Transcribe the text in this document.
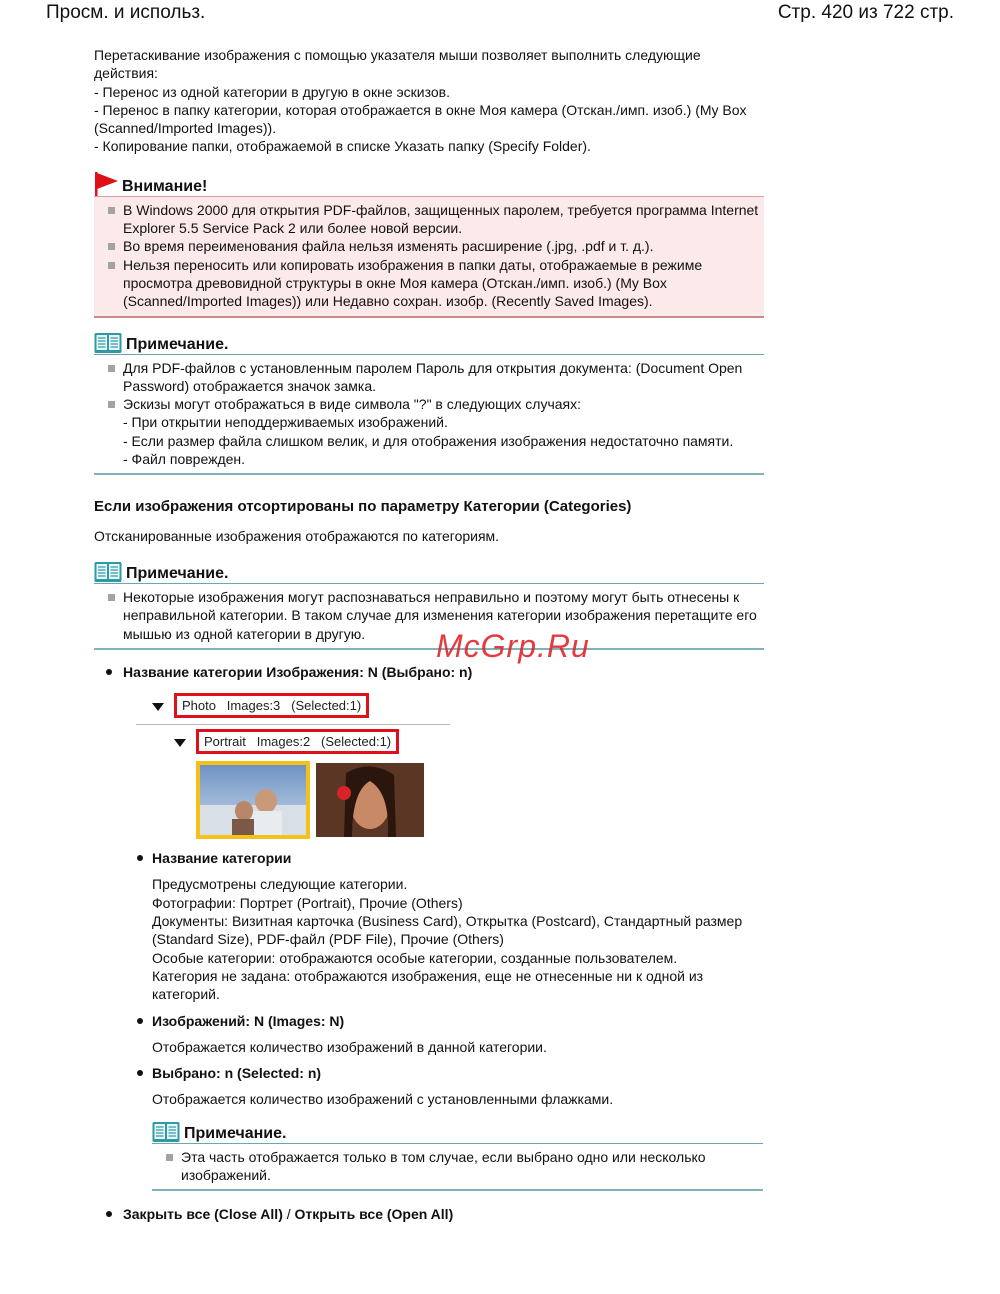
Просм. и использ.	Стр. 420 из 722 стр.

Перетаскивание изображения с помощью указателя мыши позволяет выполнить следующие действия:

- Перенос из одной категории в другую в окне эскизов.

- Перенос в папку категории, которая отображается в окне Моя камера (Отскан./имп. изоб.) (My Box (Scanned/Imported Images)).

- Копирование папки, отображаемой в списке Указать папку (Specify Folder).

Внимание!
В Windows 2000 для открытия PDF-файлов, защищенных паролем, требуется программа Internet Explorer 5.5 Service Pack 2 или более новой версии.
Во время переименования файла нельзя изменять расширение (.jpg, .pdf и т. д.).
Нельзя переносить или копировать изображения в папки даты, отображаемые в режиме просмотра древовидной структуры в окне Моя камера (Отскан./имп. изоб.) (My Box (Scanned/Imported Images)) или Недавно сохран. изобр. (Recently Saved Images).
Примечание.
Для PDF-файлов с установленным паролем Пароль для открытия документа: (Document Open Password) отображается значок замка.
Эскизы могут отображаться в виде символа "?" в следующих случаях:
- При открытии неподдерживаемых изображений.
- Если размер файла слишком велик, и для отображения изображения недостаточно памяти.
- Файл поврежден.
Если изображения отсортированы по параметру Категории (Categories)

Отсканированные изображения отображаются по категориям.

Примечание.
Некоторые изображения могут распознаваться неправильно и поэтому могут быть отнесены к неправильной категории. В таком случае для изменения категории изображения перетащите его мышью из одной категории в другую.
Название категории Изображения: N (Выбрано: n)
Photo   Images:3   (Selected:1)
Portrait   Images:2   (Selected:1)
Название категории

Предусмотрены следующие категории.

Фотографии: Портрет (Portrait), Прочие (Others)

Документы: Визитная карточка (Business Card), Открытка (Postcard), Стандартный размер (Standard Size), PDF-файл (PDF File), Прочие (Others)

Особые категории: отображаются особые категории, созданные пользователем.

Категория не задана: отображаются изображения, еще не отнесенные ни к одной из категорий.

Изображений: N (Images: N)

Отображается количество изображений в данной категории.

Выбрано: n (Selected: n)

Отображается количество изображений с установленными флажками.

Примечание.
Эта часть отображается только в том случае, если выбрано одно или несколько изображений.
Закрыть все (Close All) / Открыть все (Open All)
McGrp.Ru
